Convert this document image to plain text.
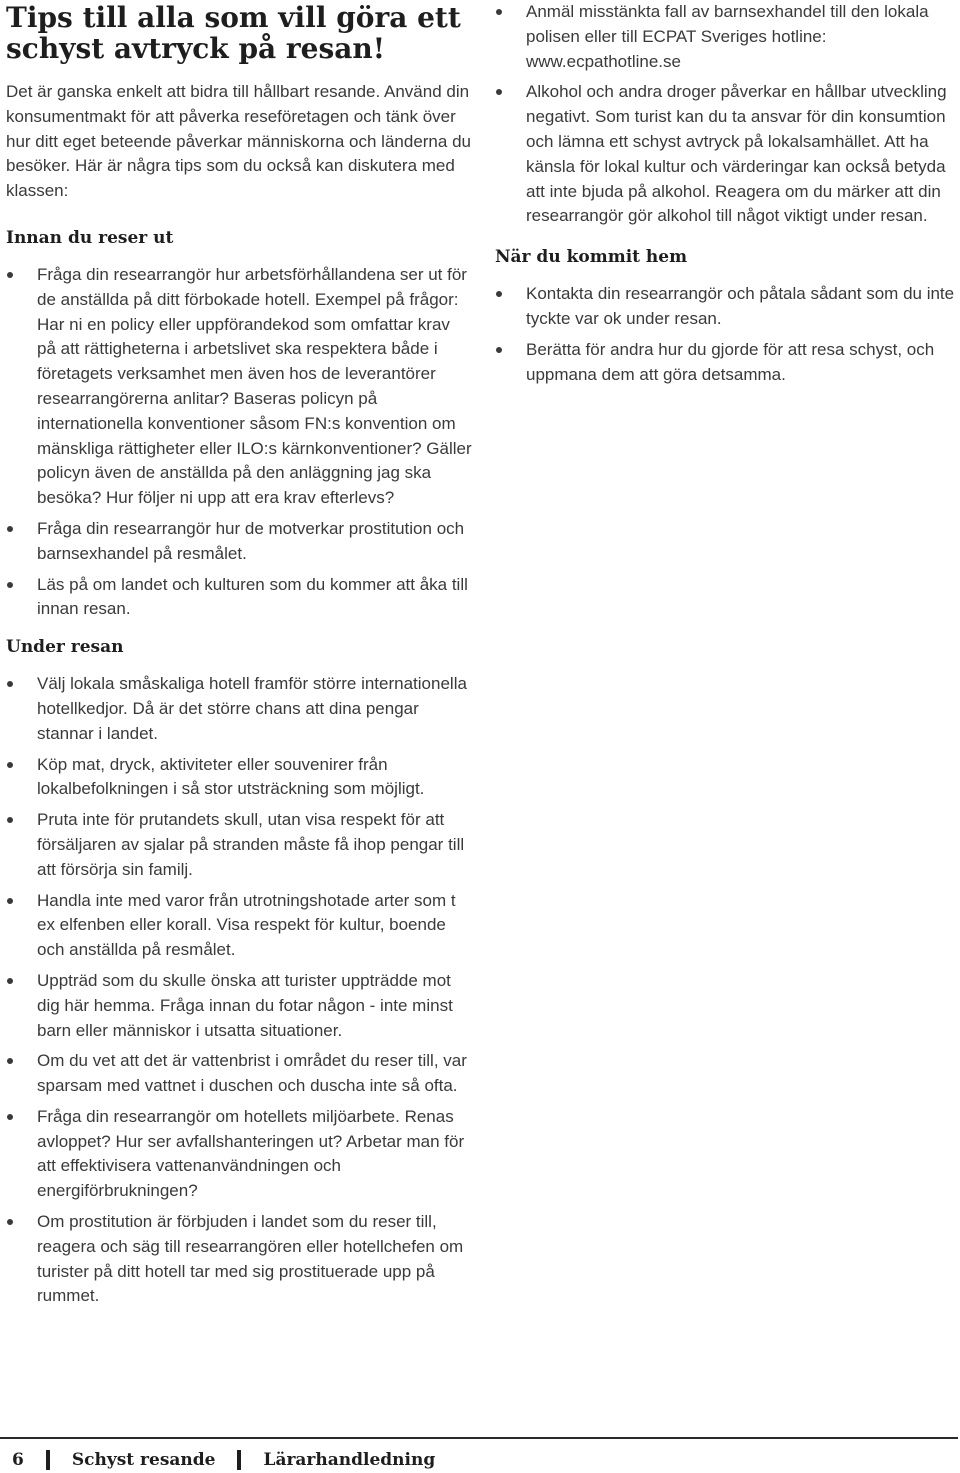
Tips till alla som vill göra ett schyst avtryck på resan!

Det är ganska enkelt att bidra till hållbart resande. Använd din konsumentmakt för att påverka reseföretagen och tänk över hur ditt eget beteende påverkar människorna och länderna du besöker. Här är några tips som du också kan diskutera med klassen:

Innan du reser ut
Fråga din researrangör hur arbetsförhållandena ser ut för de anställda på ditt förbokade hotell. Exempel på frågor: Har ni en policy eller uppförandekod som omfattar krav på att rättigheterna i arbetslivet ska respektera både i företagets verksamhet men även hos de leverantörer researrangörerna anlitar? Baseras policyn på internationella konventioner såsom FN:s konvention om mänskliga rättigheter eller ILO:s kärnkonventioner? Gäller policyn även de anställda på den anläggning jag ska besöka? Hur följer ni upp att era krav efterlevs?
Fråga din researrangör hur de motverkar prostitution och barnsexhandel på resmålet.
Läs på om landet och kulturen som du kommer att åka till innan resan.
Under resan
Välj lokala småskaliga hotell framför större internationella hotellkedjor. Då är det större chans att dina pengar stannar i landet.
Köp mat, dryck, aktiviteter eller souvenirer från lokalbefolkningen i så stor utsträckning som möjligt.
Pruta inte för prutandets skull, utan visa respekt för att försäljaren av sjalar på stranden måste få ihop pengar till att försörja sin familj.
Handla inte med varor från utrotningshotade arter som t ex elfenben eller korall. Visa respekt för kultur, boende och anställda på resmålet.
Uppträd som du skulle önska att turister uppträdde mot dig här hemma. Fråga innan du fotar någon - inte minst barn eller människor i utsatta situationer.
Om du vet att det är vattenbrist i området du reser till, var sparsam med vattnet i duschen och duscha inte så ofta.
Fråga din researrangör om hotellets miljöarbete. Renas avloppet? Hur ser avfallshanteringen ut? Arbetar man för att effektivisera vattenanvändningen och energiförbrukningen?
Om prostitution är förbjuden i landet som du reser till, reagera och säg till researrangören eller hotellchefen om turister på ditt hotell tar med sig prostituerade upp på rummet.
Anmäl misstänkta fall av barnsexhandel till den lokala polisen eller till ECPAT Sveriges hotline: www.ecpathotline.se
Alkohol och andra droger påverkar en hållbar utveckling negativt. Som turist kan du ta ansvar för din konsumtion och lämna ett schyst avtryck på lokalsamhället. Att ha känsla för lokal kultur och värderingar kan också betyda att inte bjuda på alkohol. Reagera om du märker att din researrangör gör alkohol till något viktigt under resan.
När du kommit hem
Kontakta din researrangör och påtala sådant som du inte tyckte var ok under resan.
Berätta för andra hur du gjorde för att resa schyst, och uppmana dem att göra detsamma.
6	Schyst resande	Lärarhandledning
